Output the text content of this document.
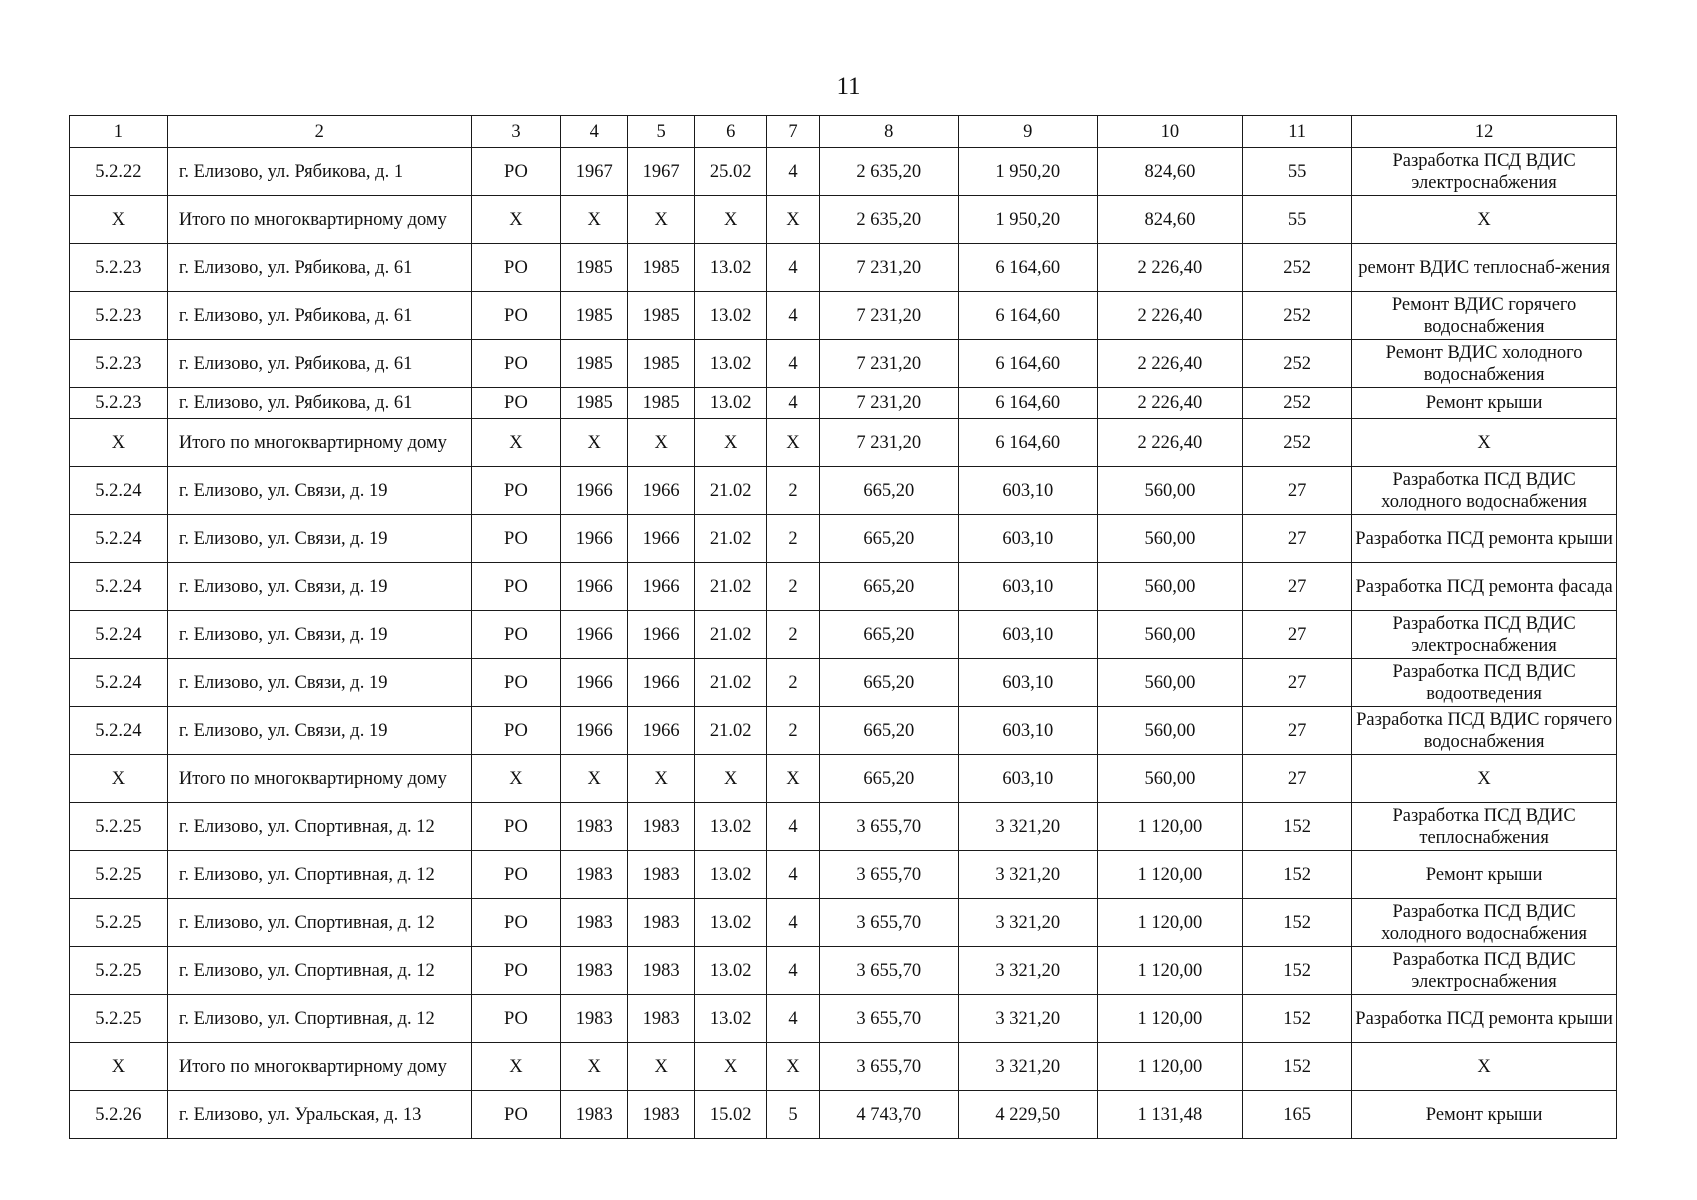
11
1	2	3	4	5	6	7	8	9	10	11	12
5.2.22	г. Елизово, ул. Рябикова, д. 1	РО	1967	1967	25.02	4	2 635,20	1 950,20	824,60	55	Разработка ПСД ВДИС электроснабжения
Х	Итого по многоквартирному дому	Х	Х	Х	Х	Х	2 635,20	1 950,20	824,60	55	Х
5.2.23	г. Елизово, ул. Рябикова, д. 61	РО	1985	1985	13.02	4	7 231,20	6 164,60	2 226,40	252	ремонт ВДИС теплоснаб-жения
5.2.23	г. Елизово, ул. Рябикова, д. 61	РО	1985	1985	13.02	4	7 231,20	6 164,60	2 226,40	252	Ремонт ВДИС горячего водоснабжения
5.2.23	г. Елизово, ул. Рябикова, д. 61	РО	1985	1985	13.02	4	7 231,20	6 164,60	2 226,40	252	Ремонт ВДИС холодного водоснабжения
5.2.23	г. Елизово, ул. Рябикова, д. 61	РО	1985	1985	13.02	4	7 231,20	6 164,60	2 226,40	252	Ремонт крыши
Х	Итого по многоквартирному дому	Х	Х	Х	Х	Х	7 231,20	6 164,60	2 226,40	252	Х
5.2.24	г. Елизово, ул. Связи, д. 19	РО	1966	1966	21.02	2	665,20	603,10	560,00	27	Разработка ПСД ВДИС холодного водоснабжения
5.2.24	г. Елизово, ул. Связи, д. 19	РО	1966	1966	21.02	2	665,20	603,10	560,00	27	Разработка ПСД ремонта крыши
5.2.24	г. Елизово, ул. Связи, д. 19	РО	1966	1966	21.02	2	665,20	603,10	560,00	27	Разработка ПСД ремонта фасада
5.2.24	г. Елизово, ул. Связи, д. 19	РО	1966	1966	21.02	2	665,20	603,10	560,00	27	Разработка ПСД ВДИС электроснабжения
5.2.24	г. Елизово, ул. Связи, д. 19	РО	1966	1966	21.02	2	665,20	603,10	560,00	27	Разработка ПСД ВДИС водоотведения
5.2.24	г. Елизово, ул. Связи, д. 19	РО	1966	1966	21.02	2	665,20	603,10	560,00	27	Разработка ПСД ВДИС горячего водоснабжения
Х	Итого по многоквартирному дому	Х	Х	Х	Х	Х	665,20	603,10	560,00	27	Х
5.2.25	г. Елизово, ул. Спортивная, д. 12	РО	1983	1983	13.02	4	3 655,70	3 321,20	1 120,00	152	Разработка ПСД ВДИС теплоснабжения
5.2.25	г. Елизово, ул. Спортивная, д. 12	РО	1983	1983	13.02	4	3 655,70	3 321,20	1 120,00	152	Ремонт крыши
5.2.25	г. Елизово, ул. Спортивная, д. 12	РО	1983	1983	13.02	4	3 655,70	3 321,20	1 120,00	152	Разработка ПСД ВДИС холодного водоснабжения
5.2.25	г. Елизово, ул. Спортивная, д. 12	РО	1983	1983	13.02	4	3 655,70	3 321,20	1 120,00	152	Разработка ПСД ВДИС электроснабжения
5.2.25	г. Елизово, ул. Спортивная, д. 12	РО	1983	1983	13.02	4	3 655,70	3 321,20	1 120,00	152	Разработка ПСД ремонта крыши
Х	Итого по многоквартирному дому	Х	Х	Х	Х	Х	3 655,70	3 321,20	1 120,00	152	Х
5.2.26	г. Елизово, ул. Уральская, д. 13	РО	1983	1983	15.02	5	4 743,70	4 229,50	1 131,48	165	Ремонт крыши
